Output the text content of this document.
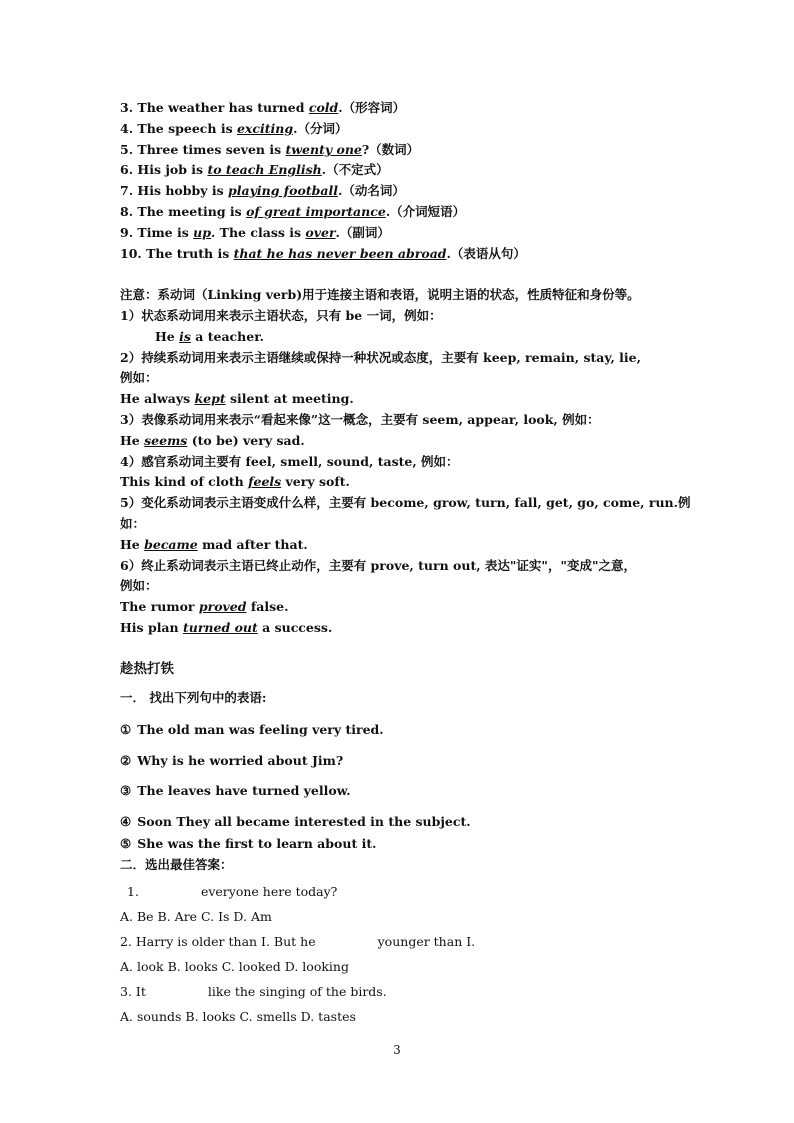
3. The weather has turned cold.（形容词）
4. The speech is exciting.（分词）
5. Three times seven is twenty one?（数词）
6. His job is to teach English.（不定式）
7. His hobby is playing football.（动名词）
8. The meeting is of great importance.（介词短语）
9. Time is up. The class is over.（副词）
10. The truth is that he has never been abroad.（表语从句）
注意：系动词（Linking verb)用于连接主语和表语，说明主语的状态，性质特征和身份等。
1）状态系动词用来表示主语状态，只有 be 一词，例如：
He is a teacher.
2）持续系动词用来表示主语继续或保持一种状况或态度，主要有 keep, remain, stay, lie,
例如：
He always kept silent at meeting.
3）表像系动词用来表示“看起来像”这一概念，主要有 seem, appear, look, 例如：
He seems (to be) very sad.
4）感官系动词主要有 feel, smell, sound, taste, 例如：
This kind of cloth feels very soft.
5）变化系动词表示主语变成什么样，主要有 become, grow, turn, fall, get, go, come, run.例
如：
He became mad after that.
6）终止系动词表示主语已终止动作，主要有 prove, turn out, 表达"证实"，"变成"之意，
例如：
The rumor proved false.
His plan turned out a success.
趁热打铁
一． 找出下列句中的表语:
① The old man was feeling very tired.
② Why is he worried about Jim?
③ The leaves have turned yellow.
④ Soon They all became interested in the subject.
⑤ She was the first to learn about it.
二．选出最佳答案：
1.	everyone here today?
A. Be B. Are C. Is D. Am
2. Harry is older than I. But he	younger than I.
A. look B. looks C. looked D. looking
3. It	like the singing of the birds.
A. sounds B. looks C. smells D. tastes
3
